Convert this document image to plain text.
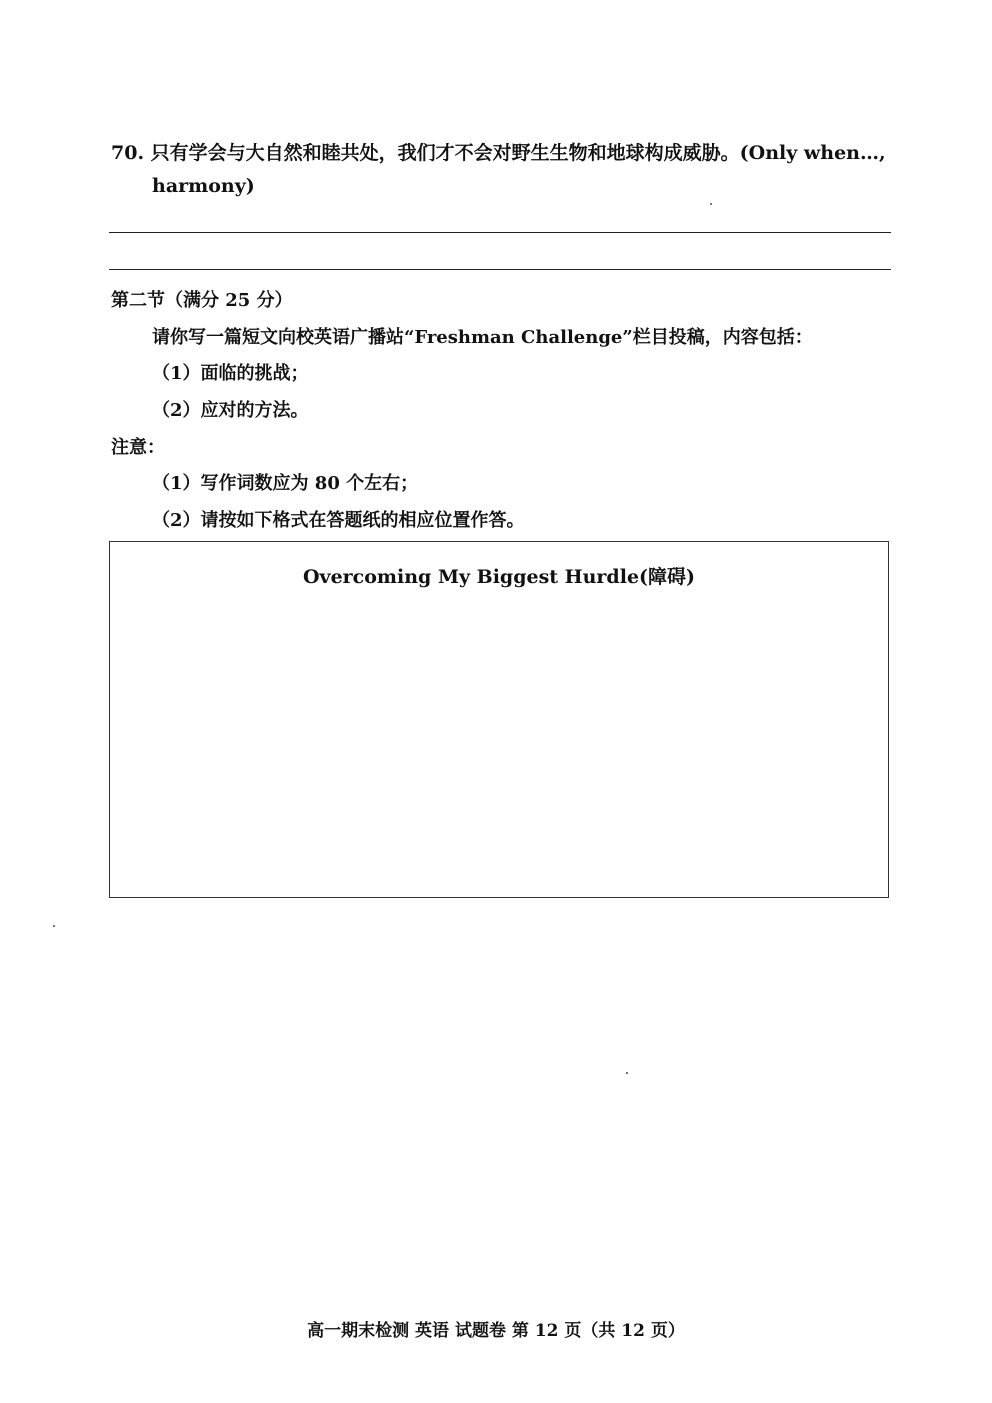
70. 只有学会与大自然和睦共处，我们才不会对野生生物和地球构成威胁。(Only when…,
harmony)
第二节（满分 25 分）
请你写一篇短文向校英语广播站“Freshman Challenge”栏目投稿，内容包括：
（1）面临的挑战；
（2）应对的方法。
注意：
（1）写作词数应为 80 个左右；
（2）请按如下格式在答题纸的相应位置作答。
Overcoming My Biggest Hurdle(障碍)
高一期末检测 英语 试题卷 第 12 页（共 12 页）
